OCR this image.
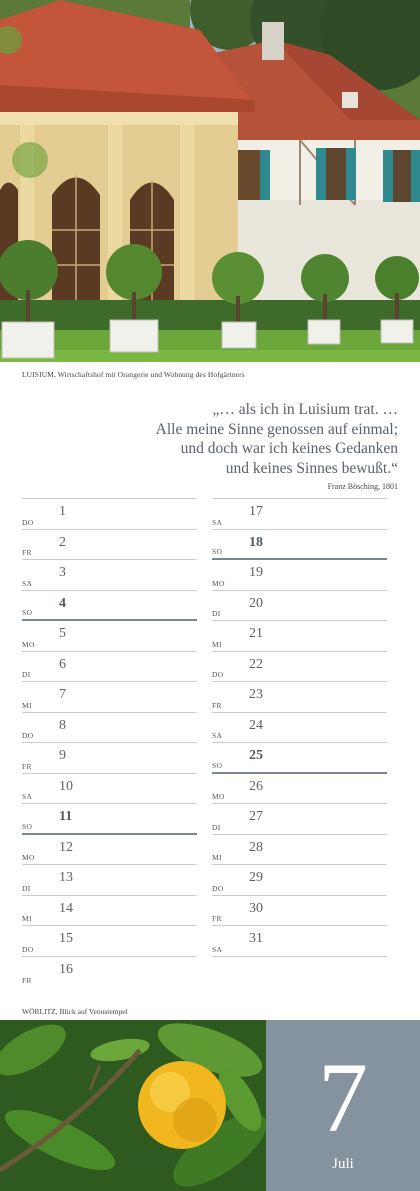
LUISIUM, Wirtschaftshof mit Orangerie und Wohnung des Hofgärtners
„… als ich in Luisium trat. …
Alle meine Sinne genossen auf einmal;
und doch war ich keines Gedanken
und keines Sinnes bewußt.“
Franz Bösching, 1801
DO
1
FR
2
SA
3
SO
4
MO
5
DI
6
MI
7
DO
8
FR
9
SA
10
SO
11
MO
12
DI
13
MI
14
DO
15
FR
16
SA
17
SO
18
MO
19
DI
20
MI
21
DO
22
FR
23
SA
24
SO
25
MO
26
DI
27
MI
28
DO
29
FR
30
SA
31
WÖRLITZ, Blick auf Venustempel
7
Juli
